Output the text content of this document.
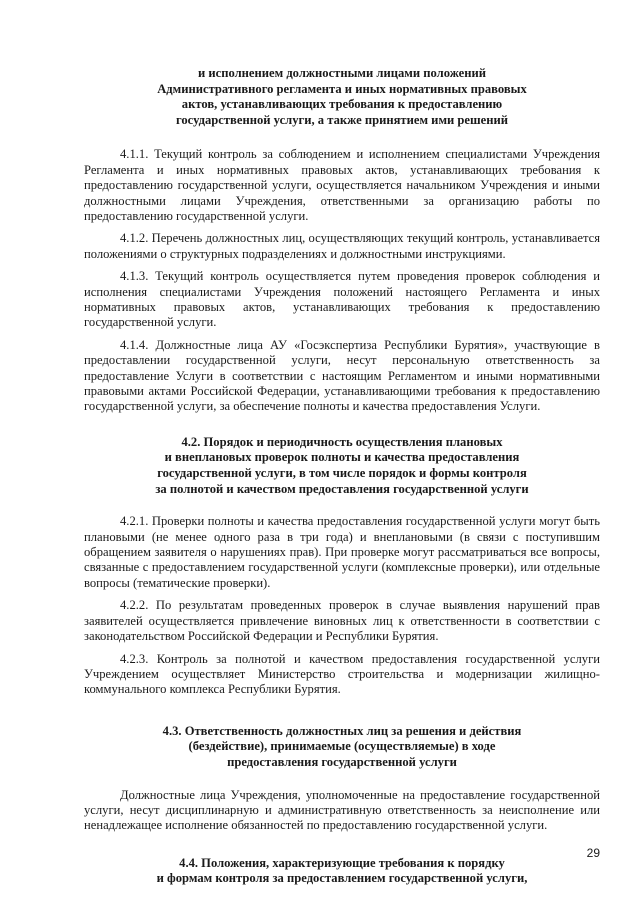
и исполнением должностными лицами положений
Административного регламента и иных нормативных правовых
актов, устанавливающих требования к предоставлению
государственной услуги, а также принятием ими решений

4.1.1. Текущий контроль за соблюдением и исполнением специалистами Учреждения Регламента и иных нормативных правовых актов, устанавливающих требования к предоставлению государственной услуги, осуществляется начальником Учреждения и иными должностными лицами Учреждения, ответственными за организацию работы по предоставлению государственной услуги.

4.1.2. Перечень должностных лиц, осуществляющих текущий контроль, устанавливается положениями о структурных подразделениях и должностными инструкциями.

4.1.3. Текущий контроль осуществляется путем проведения проверок соблюдения и исполнения специалистами Учреждения положений настоящего Регламента и иных нормативных правовых актов, устанавливающих требования к предоставлению государственной услуги.

4.1.4. Должностные лица АУ «Госэкспертиза Республики Бурятия», участвующие в предоставлении государственной услуги, несут персональную ответственность за предоставление Услуги в соответствии с настоящим Регламентом и иными нормативными правовыми актами Российской Федерации, устанавливающими требования к предоставлению государственной услуги, за обеспечение полноты и качества предоставления Услуги.

4.2. Порядок и периодичность осуществления плановых
и внеплановых проверок полноты и качества предоставления
государственной услуги, в том числе порядок и формы контроля
за полнотой и качеством предоставления государственной услуги

4.2.1. Проверки полноты и качества предоставления государственной услуги могут быть плановыми (не менее одного раза в три года) и внеплановыми (в связи с поступившим обращением заявителя о нарушениях прав). При проверке могут рассматриваться все вопросы, связанные с предоставлением государственной услуги (комплексные проверки), или отдельные вопросы (тематические проверки).

4.2.2. По результатам проведенных проверок в случае выявления нарушений прав заявителей осуществляется привлечение виновных лиц к ответственности в соответствии с законодательством Российской Федерации и Республики Бурятия.

4.2.3. Контроль за полнотой и качеством предоставления государственной услуги Учреждением осуществляет Министерство строительства и модернизации жилищно-коммунального комплекса Республики Бурятия.

4.3. Ответственность должностных лиц за решения и действия
(бездействие), принимаемые (осуществляемые) в ходе
предоставления государственной услуги

Должностные лица Учреждения, уполномоченные на предоставление государственной услуги, несут дисциплинарную и административную ответственность за неисполнение или ненадлежащее исполнение обязанностей по предоставлению государственной услуги.

4.4. Положения, характеризующие требования к порядку
и формам контроля за предоставлением государственной услуги,
29
